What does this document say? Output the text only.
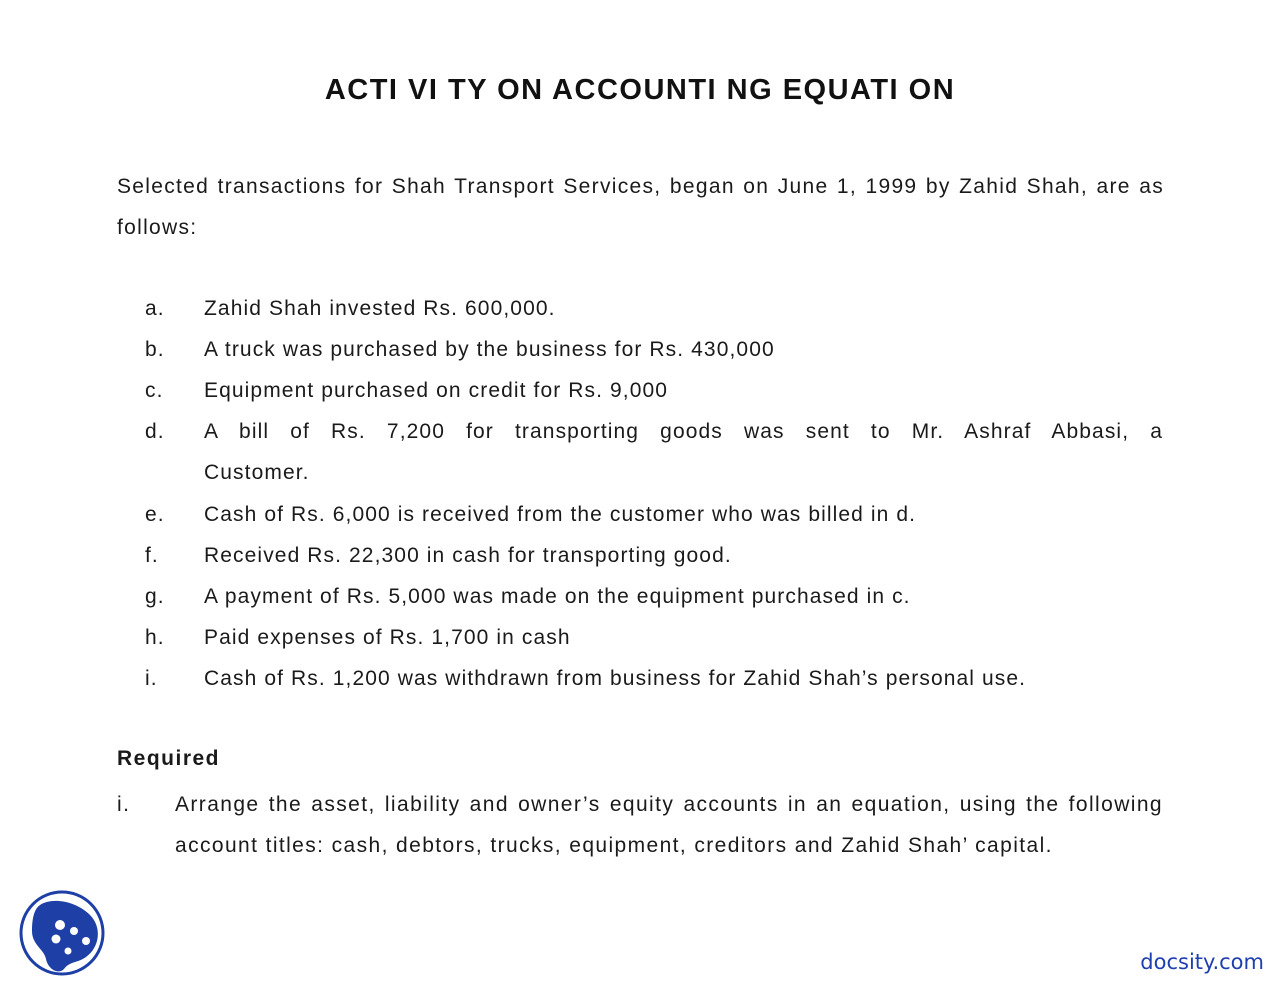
ACTI VI TY ON ACCOUNTI NG EQUATI ON
Selected transactions for Shah Transport Services, began on June 1, 1999 by Zahid Shah, are as follows:
a. Zahid Shah invested Rs. 600,000.
b. A truck was purchased by the business for Rs. 430,000
c. Equipment purchased on credit for Rs. 9,000
d. A bill of Rs. 7,200 for transporting goods was sent to Mr. Ashraf Abbasi, a Customer.
e. Cash of Rs. 6,000 is received from the customer who was billed in d.
f. Received Rs. 22,300 in cash for transporting good.
g. A payment of Rs. 5,000 was made on the equipment purchased in c.
h. Paid expenses of Rs. 1,700 in cash
i. Cash of Rs. 1,200 was withdrawn from business for Zahid Shah’s personal use.
Required
i. Arrange the asset, liability and owner’s equity accounts in an equation, using the following account titles: cash, debtors, trucks, equipment, creditors and Zahid Shah’ capital.
docsity.com
